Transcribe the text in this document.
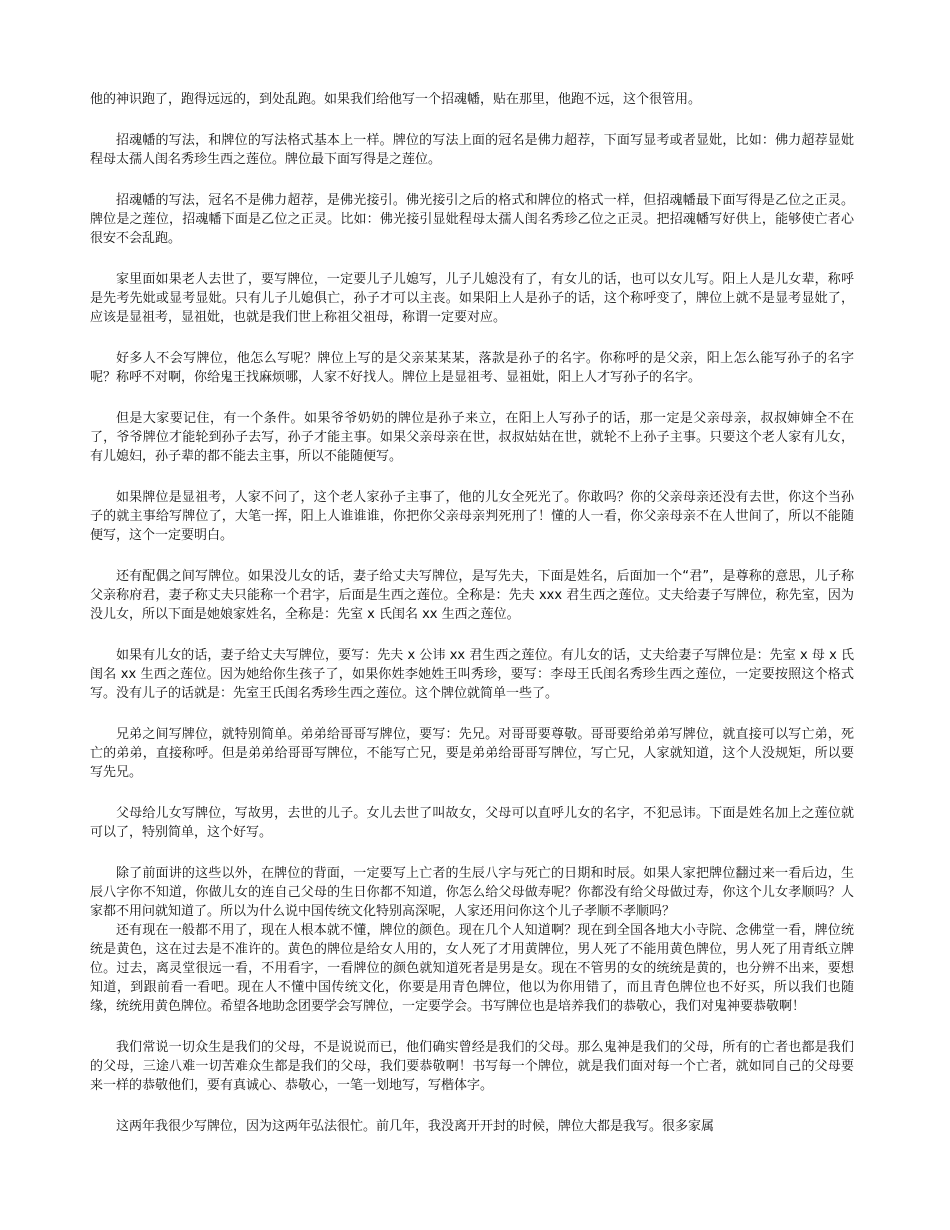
他的神识跑了，跑得远远的，到处乱跑。如果我们给他写一个招魂幡，贴在那里，他跑不远，这个很管用。

招魂幡的写法，和牌位的写法格式基本上一样。牌位的写法上面的冠名是佛力超荐，下面写显考或者显妣，比如：佛力超荐显妣程母太孺人闺名秀珍生西之莲位。牌位最下面写得是之莲位。

招魂幡的写法，冠名不是佛力超荐，是佛光接引。佛光接引之后的格式和牌位的格式一样，但招魂幡最下面写得是乙位之正灵。牌位是之莲位，招魂幡下面是乙位之正灵。比如：佛光接引显妣程母太孺人闺名秀珍乙位之正灵。把招魂幡写好供上，能够使亡者心很安不会乱跑。

家里面如果老人去世了，要写牌位，一定要儿子儿媳写，儿子儿媳没有了，有女儿的话，也可以女儿写。阳上人是儿女辈，称呼是先考先妣或显考显妣。只有儿子儿媳俱亡，孙子才可以主丧。如果阳上人是孙子的话，这个称呼变了，牌位上就不是显考显妣了，应该是显祖考，显祖妣，也就是我们世上称祖父祖母，称谓一定要对应。

好多人不会写牌位，他怎么写呢？牌位上写的是父亲某某某，落款是孙子的名字。你称呼的是父亲，阳上怎么能写孙子的名字呢？称呼不对啊，你给鬼王找麻烦哪，人家不好找人。牌位上是显祖考、显祖妣，阳上人才写孙子的名字。

但是大家要记住，有一个条件。如果爷爷奶奶的牌位是孙子来立，在阳上人写孙子的话，那一定是父亲母亲，叔叔婶婶全不在了，爷爷牌位才能轮到孙子去写，孙子才能主事。如果父亲母亲在世，叔叔姑姑在世，就轮不上孙子主事。只要这个老人家有儿女，有儿媳妇，孙子辈的都不能去主事，所以不能随便写。

如果牌位是显祖考，人家不问了，这个老人家孙子主事了，他的儿女全死光了。你敢吗？你的父亲母亲还没有去世，你这个当孙子的就主事给写牌位了，大笔一挥，阳上人谁谁谁，你把你父亲母亲判死刑了！懂的人一看，你父亲母亲不在人世间了，所以不能随便写，这个一定要明白。

还有配偶之间写牌位。如果没儿女的话，妻子给丈夫写牌位，是写先夫，下面是姓名，后面加一个“君”，是尊称的意思，儿子称父亲称府君，妻子称丈夫只能称一个君字，后面是生西之莲位。全称是：先夫 xxx 君生西之莲位。丈夫给妻子写牌位，称先室，因为没儿女，所以下面是她娘家姓名，全称是：先室 x 氏闺名 xx 生西之莲位。

如果有儿女的话，妻子给丈夫写牌位，要写：先夫 x 公讳 xx 君生西之莲位。有儿女的话，丈夫给妻子写牌位是：先室 x 母 x 氏闺名 xx 生西之莲位。因为她给你生孩子了，如果你姓李她姓王叫秀珍，要写：李母王氏闺名秀珍生西之莲位，一定要按照这个格式写。没有儿子的话就是：先室王氏闺名秀珍生西之莲位。这个牌位就简单一些了。

兄弟之间写牌位，就特别简单。弟弟给哥哥写牌位，要写：先兄。对哥哥要尊敬。哥哥要给弟弟写牌位，就直接可以写亡弟，死亡的弟弟，直接称呼。但是弟弟给哥哥写牌位，不能写亡兄，要是弟弟给哥哥写牌位，写亡兄，人家就知道，这个人没规矩，所以要写先兄。

父母给儿女写牌位，写故男，去世的儿子。女儿去世了叫故女，父母可以直呼儿女的名字，不犯忌讳。下面是姓名加上之莲位就可以了，特别简单，这个好写。

除了前面讲的这些以外，在牌位的背面，一定要写上亡者的生辰八字与死亡的日期和时辰。如果人家把牌位翻过来一看后边，生辰八字你不知道，你做儿女的连自己父母的生日你都不知道，你怎么给父母做寿呢？你都没有给父母做过寿，你这个儿女孝顺吗？人家都不用问就知道了。所以为什么说中国传统文化特别高深呢，人家还用问你这个儿子孝顺不孝顺吗？

还有现在一般都不用了，现在人根本就不懂，牌位的颜色。现在几个人知道啊？现在到全国各地大小寺院、念佛堂一看，牌位统统是黄色，这在过去是不准许的。黄色的牌位是给女人用的，女人死了才用黄牌位，男人死了不能用黄色牌位，男人死了用青纸立牌位。过去，离灵堂很远一看，不用看字，一看牌位的颜色就知道死者是男是女。现在不管男的女的统统是黄的，也分辨不出来，要想知道，到跟前看一看吧。现在人不懂中国传统文化，你要是用青色牌位，他以为你用错了，而且青色牌位也不好买，所以我们也随缘，统统用黄色牌位。希望各地助念团要学会写牌位，一定要学会。书写牌位也是培养我们的恭敬心，我们对鬼神要恭敬啊！

我们常说一切众生是我们的父母，不是说说而已，他们确实曾经是我们的父母。那么鬼神是我们的父母，所有的亡者也都是我们的父母，三途八难一切苦难众生都是我们的父母，我们要恭敬啊！书写每一个牌位，就是我们面对每一个亡者，就如同自己的父母要来一样的恭敬他们，要有真诚心、恭敬心，一笔一划地写，写楷体字。

这两年我很少写牌位，因为这两年弘法很忙。前几年，我没离开开封的时候，牌位大都是我写。很多家属
